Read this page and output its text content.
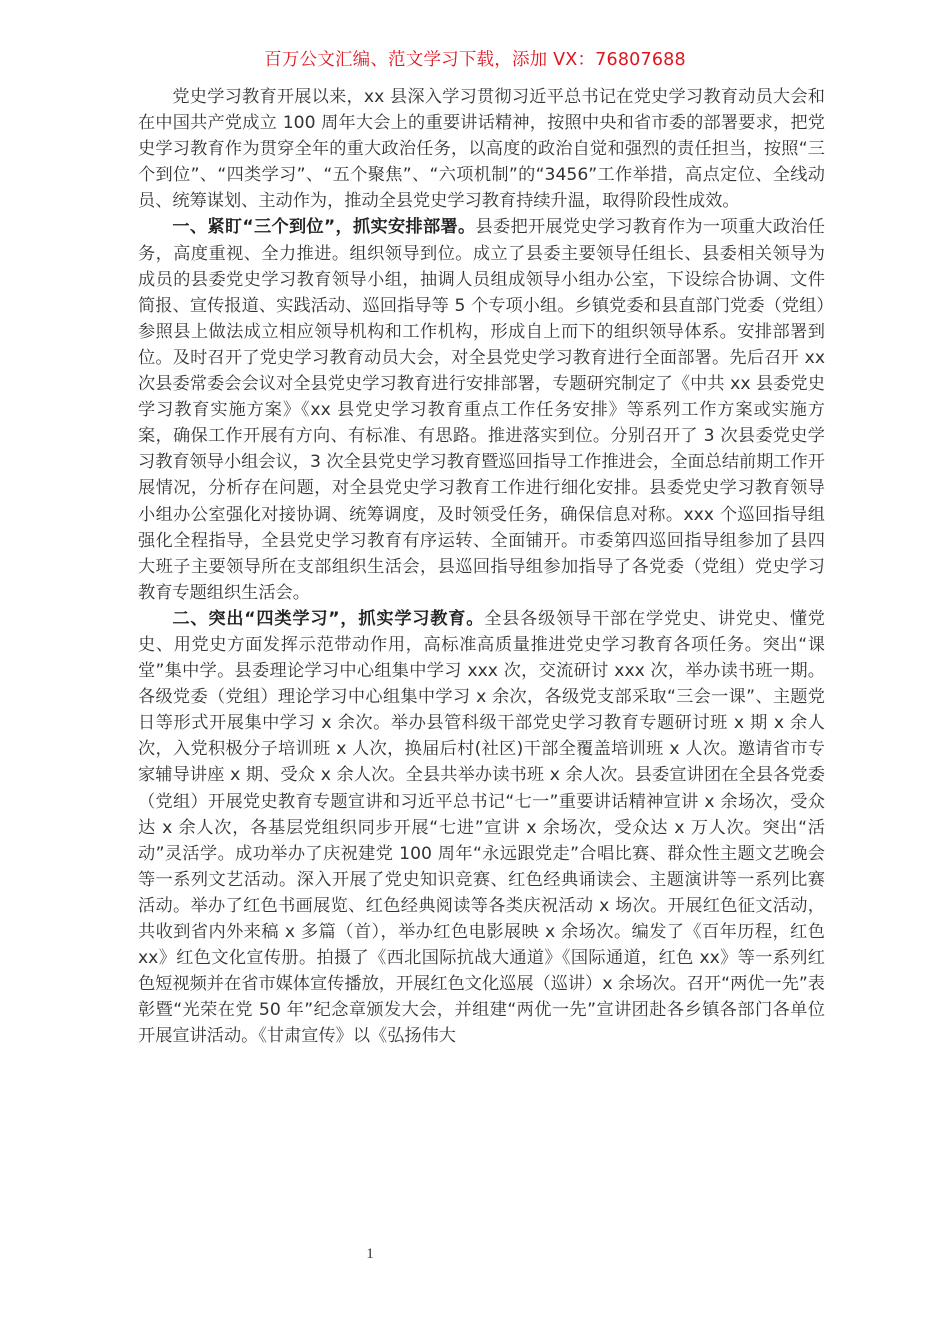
百万公文汇编、范文学习下载，添加 VX：76807688

党史学习教育开展以来，xx 县深入学习贯彻习近平总书记在党史学习教育动员大会和在中国共产党成立 100 周年大会上的重要讲话精神，按照中央和省市委的部署要求，把党史学习教育作为贯穿全年的重大政治任务，以高度的政治自觉和强烈的责任担当，按照“三个到位”、“四类学习”、“五个聚焦”、“六项机制”的“3456”工作举措，高点定位、全线动员、统筹谋划、主动作为，推动全县党史学习教育持续升温，取得阶段性成效。

一、紧盯“三个到位”，抓实安排部署。县委把开展党史学习教育作为一项重大政治任务，高度重视、全力推进。组织领导到位。成立了县委主要领导任组长、县委相关领导为成员的县委党史学习教育领导小组，抽调人员组成领导小组办公室，下设综合协调、文件简报、宣传报道、实践活动、巡回指导等 5 个专项小组。乡镇党委和县直部门党委（党组）参照县上做法成立相应领导机构和工作机构，形成自上而下的组织领导体系。安排部署到位。及时召开了党史学习教育动员大会，对全县党史学习教育进行全面部署。先后召开 xx 次县委常委会会议对全县党史学习教育进行安排部署，专题研究制定了《中共 xx 县委党史学习教育实施方案》《xx 县党史学习教育重点工作任务安排》等系列工作方案或实施方案，确保工作开展有方向、有标准、有思路。推进落实到位。分别召开了 3 次县委党史学习教育领导小组会议，3 次全县党史学习教育暨巡回指导工作推进会，全面总结前期工作开展情况，分析存在问题，对全县党史学习教育工作进行细化安排。县委党史学习教育领导小组办公室强化对接协调、统筹调度，及时领受任务，确保信息对称。xxx 个巡回指导组强化全程指导，全县党史学习教育有序运转、全面铺开。市委第四巡回指导组参加了县四大班子主要领导所在支部组织生活会，县巡回指导组参加指导了各党委（党组）党史学习教育专题组织生活会。

二、突出“四类学习”，抓实学习教育。全县各级领导干部在学党史、讲党史、懂党史、用党史方面发挥示范带动作用，高标准高质量推进党史学习教育各项任务。突出“课堂”集中学。县委理论学习中心组集中学习 xxx 次，交流研讨 xxx 次，举办读书班一期。各级党委（党组）理论学习中心组集中学习 x 余次，各级党支部采取“三会一课”、主题党日等形式开展集中学习 x 余次。举办县管科级干部党史学习教育专题研讨班 x 期 x 余人次，入党积极分子培训班 x 人次，换届后村(社区)干部全覆盖培训班 x 人次。邀请省市专家辅导讲座 x 期、受众 x 余人次。全县共举办读书班 x 余人次。县委宣讲团在全县各党委（党组）开展党史教育专题宣讲和习近平总书记“七一”重要讲话精神宣讲 x 余场次，受众达 x 余人次，各基层党组织同步开展“七进”宣讲 x 余场次，受众达 x 万人次。突出“活动”灵活学。成功举办了庆祝建党 100 周年“永远跟党走”合唱比赛、群众性主题文艺晚会等一系列文艺活动。深入开展了党史知识竞赛、红色经典诵读会、主题演讲等一系列比赛活动。举办了红色书画展览、红色经典阅读等各类庆祝活动 x 场次。开展红色征文活动，共收到省内外来稿 x 多篇（首），举办红色电影展映 x 余场次。编发了《百年历程，红色 xx》红色文化宣传册。拍摄了《西北国际抗战大通道》《国际通道，红色 xx》等一系列红色短视频并在省市媒体宣传播放，开展红色文化巡展（巡讲）x 余场次。召开“两优一先”表彰暨“光荣在党 50 年”纪念章颁发大会，并组建“两优一先”宣讲团赴各乡镇各部门各单位开展宣讲活动。《甘肃宣传》以《弘扬伟大

1
